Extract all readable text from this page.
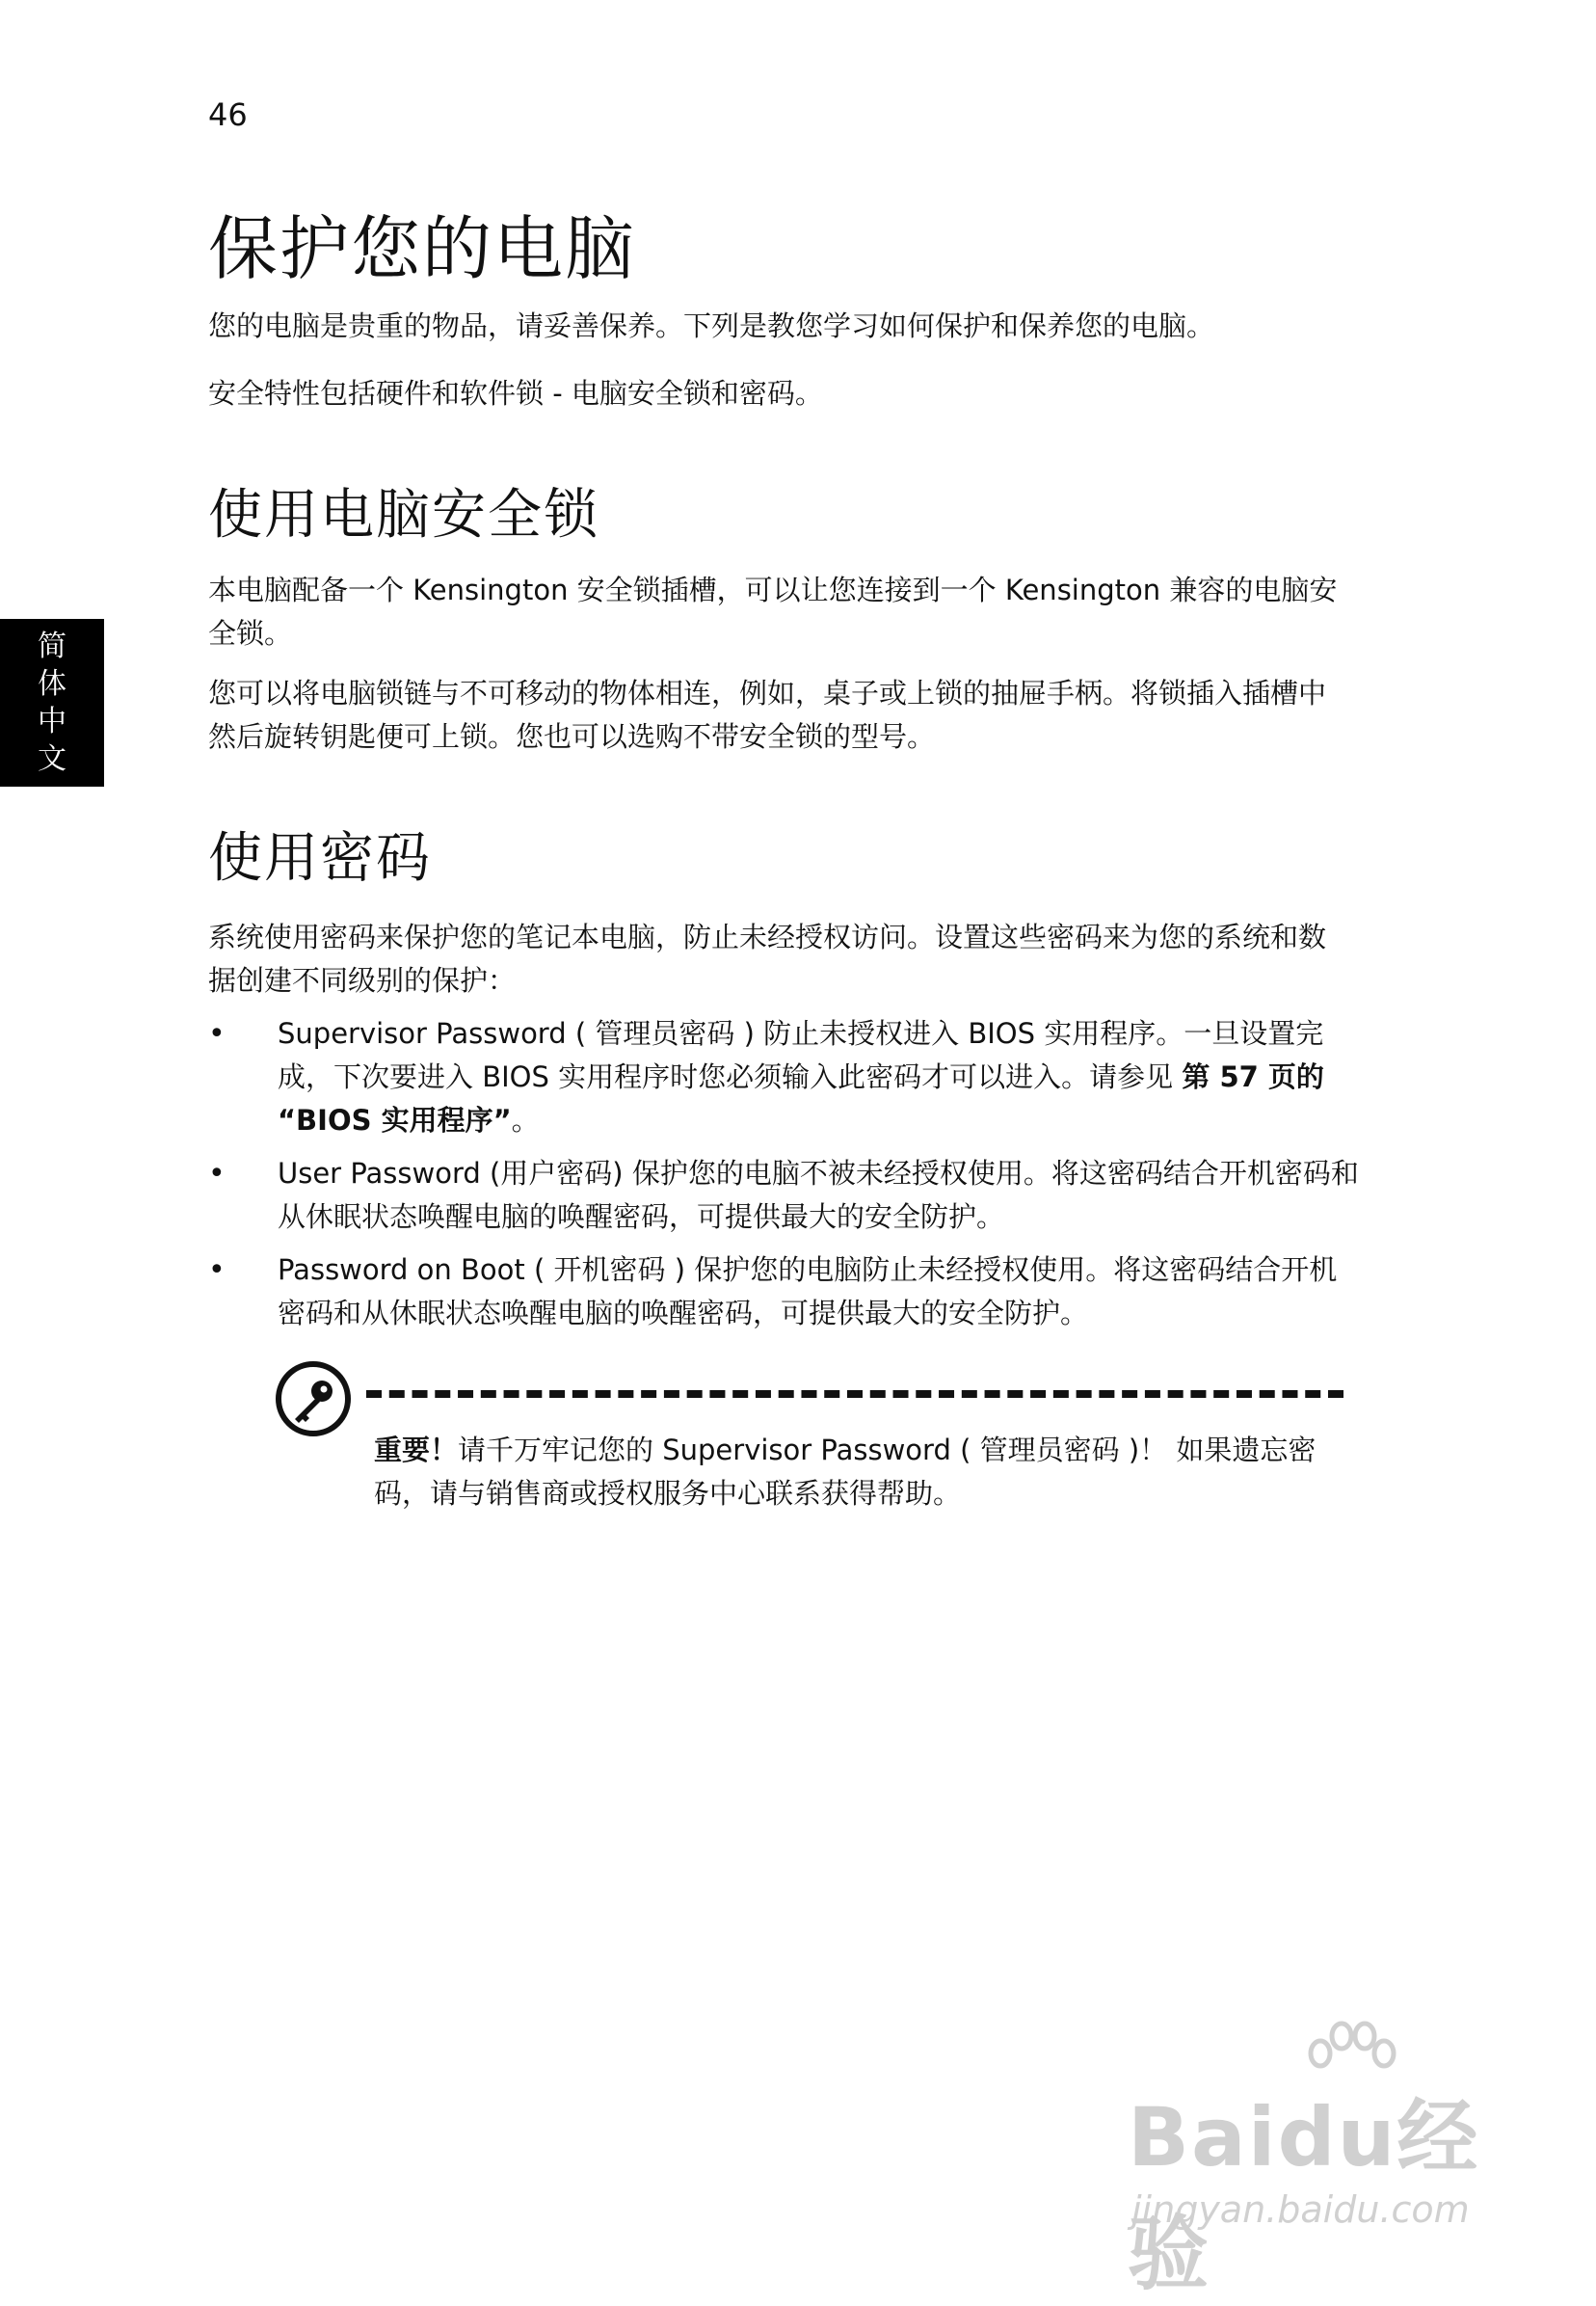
46
简
体
中
文
保护您的电脑

您的电脑是贵重的物品，请妥善保养。下列是教您学习如何保护和保养您的电脑。

安全特性包括硬件和软件锁 - 电脑安全锁和密码。

使用电脑安全锁

本电脑配备一个 Kensington 安全锁插槽，可以让您连接到一个 Kensington 兼容的电脑安全锁。

您可以将电脑锁链与不可移动的物体相连，例如，桌子或上锁的抽屉手柄。将锁插入插槽中然后旋转钥匙便可上锁。您也可以选购不带安全锁的型号。

使用密码

系统使用密码来保护您的笔记本电脑，防止未经授权访问。设置这些密码来为您的系统和数据创建不同级别的保护：

• Supervisor Password ( 管理员密码 ) 防止未授权进入 BIOS 实用程序。一旦设置完成，下次要进入 BIOS 实用程序时您必须输入此密码才可以进入。请参见 第 57 页的 “BIOS 实用程序”。
• User Password (用户密码) 保护您的电脑不被未经授权使用。将这密码结合开机密码和从休眠状态唤醒电脑的唤醒密码，可提供最大的安全防护。
• Password on Boot ( 开机密码 ) 保护您的电脑防止未经授权使用。将这密码结合开机密码和从休眠状态唤醒电脑的唤醒密码，可提供最大的安全防护。
重要！请千万牢记您的 Supervisor Password ( 管理员密码 )！ 如果遗忘密码，请与销售商或授权服务中心联系获得帮助。
Baidu经验
jingyan.baidu.com
